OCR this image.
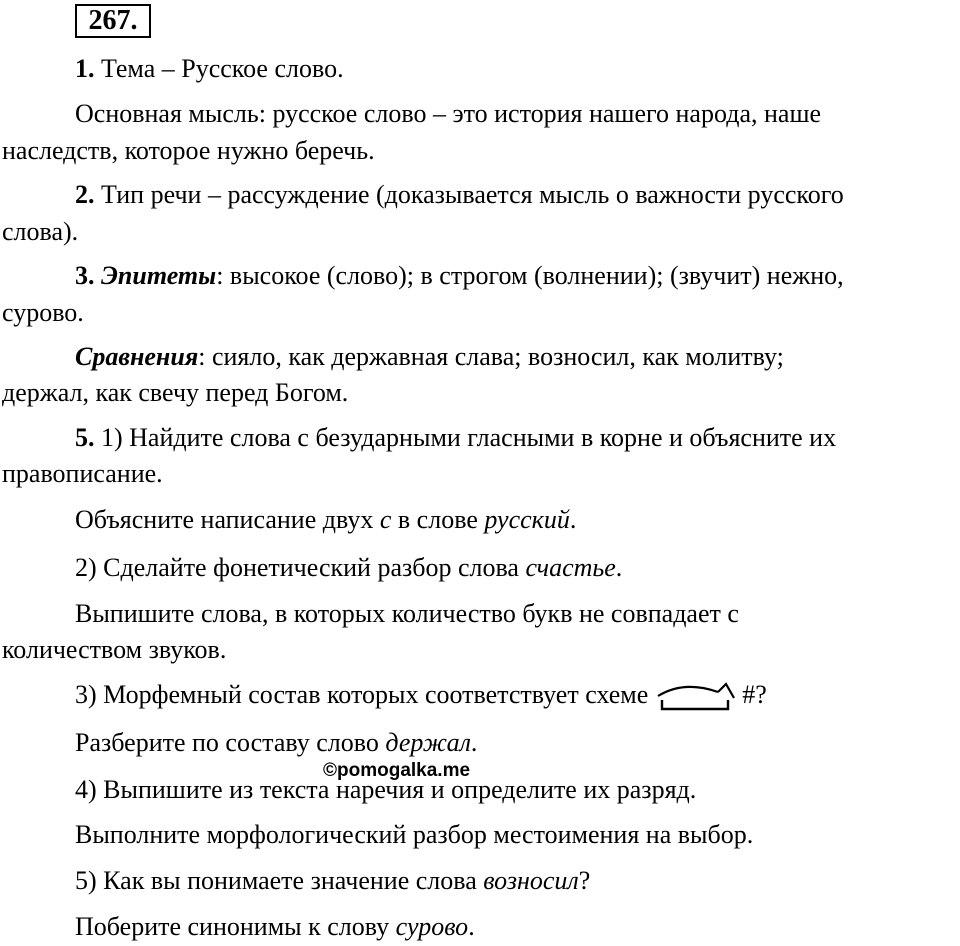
267.
1. Тема – Русское слово.
Основная мысль: русское слово – это история нашего народа, наше
наследств, которое нужно беречь.
2. Тип речи – рассуждение (доказывается мысль о важности русского
слова).
3. Эпитеты: высокое (слово); в строгом (волнении); (звучит) нежно,
сурово.
Сравнения: сияло, как державная слава; возносил, как молитву;
держал, как свечу перед Богом.
5. 1) Найдите слова с безударными гласными в корне и объясните их
правописание.
Объясните написание двух с в слове русский.
2) Сделайте фонетический разбор слова счастье.
Выпишите слова, в которых количество букв не совпадает с
количеством звуков.
3) Морфемный состав которых соответствует схеме	#?
Разберите по составу слово держал.
4) Выпишите из текста наречия и определите их разряд.
Выполните морфологический разбор местоимения на выбор.
5) Как вы понимаете значение слова возносил?
Поберите синонимы к слову сурово.
©pomogalka.me
